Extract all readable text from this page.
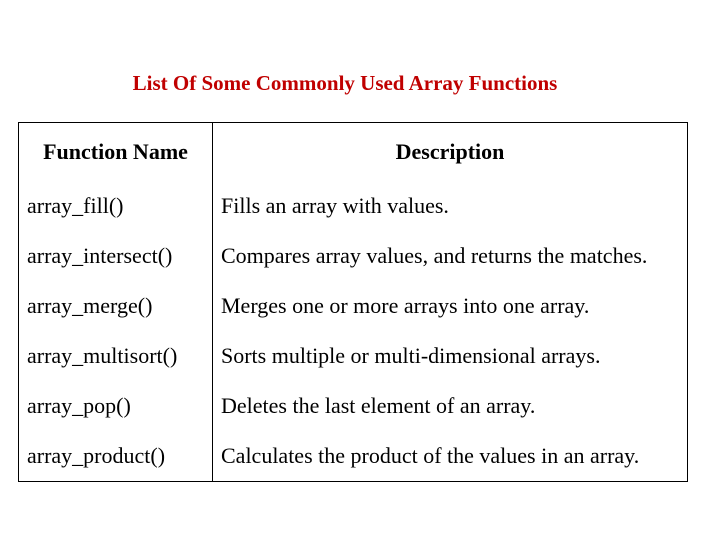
List Of Some Commonly Used Array Functions
Function Name	Description
array_fill()	Fills an array with values.
array_intersect()	Compares array values, and returns the matches.
array_merge()	Merges one or more arrays into one array.
array_multisort()	Sorts multiple or multi-dimensional arrays.
array_pop()	Deletes the last element of an array.
array_product()	Calculates the product of the values in an array.
